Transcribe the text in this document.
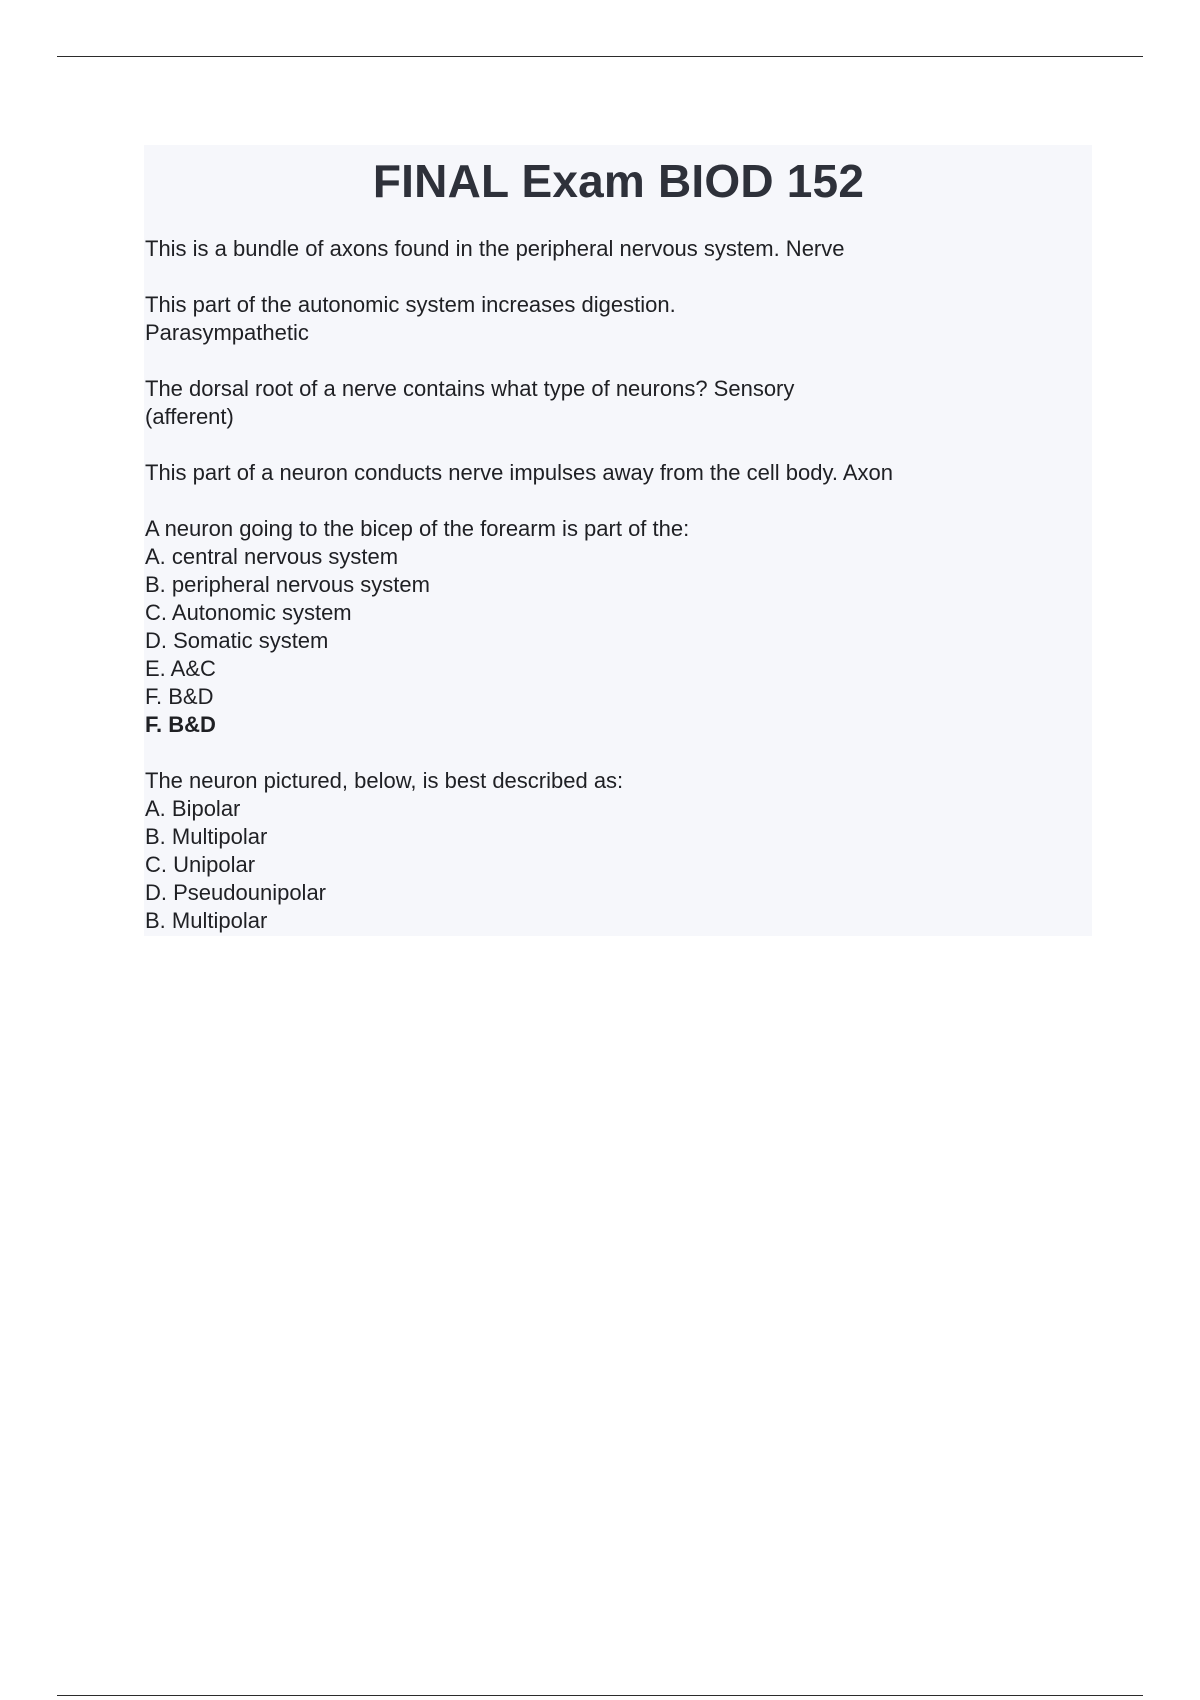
FINAL Exam BIOD 152
This is a bundle of axons found in the peripheral nervous system. Nerve
This part of the autonomic system increases digestion.
Parasympathetic
The dorsal root of a nerve contains what type of neurons? Sensory
(afferent)
This part of a neuron conducts nerve impulses away from the cell body. Axon
A neuron going to the bicep of the forearm is part of the:
A. central nervous system
B. peripheral nervous system
C. Autonomic system
D. Somatic system
E. A&C
F. B&D
F. B&D
The neuron pictured, below, is best described as:
A. Bipolar
B. Multipolar
C. Unipolar
D. Pseudounipolar
B. Multipolar
